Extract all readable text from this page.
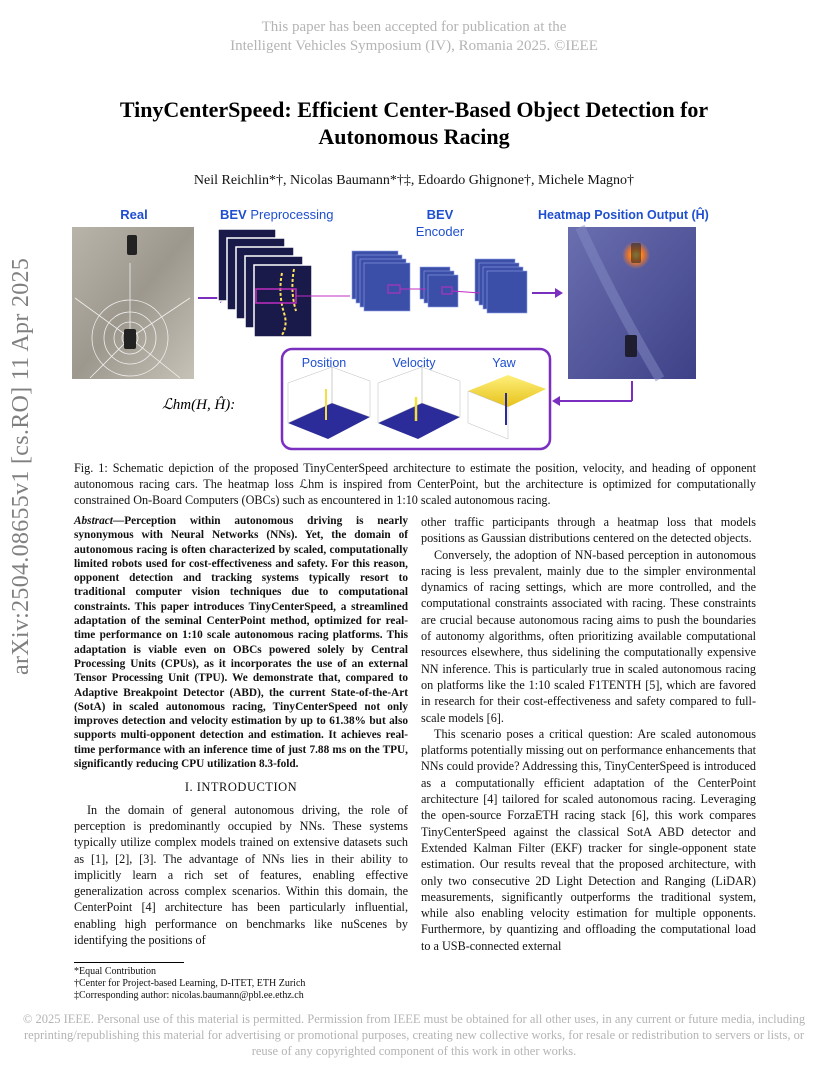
This paper has been accepted for publication at the
Intelligent Vehicles Symposium (IV), Romania 2025. ©IEEE
TinyCenterSpeed: Efficient Center-Based Object Detection for Autonomous Racing
Neil Reichlin*†, Nicolas Baumann*†‡, Edoardo Ghignone†, Michele Magno†
arXiv:2504.08655v1 [cs.RO] 11 Apr 2025
Real	BEV Preprocessing	BEV
Encoder
Heatmap Position Output (Ĥ)
Position	Velocity	Yaw
ℒhm(H, Ĥ):
Fig. 1: Schematic depiction of the proposed TinyCenterSpeed architecture to estimate the position, velocity, and heading of opponent autonomous racing cars. The heatmap loss ℒhm is inspired from CenterPoint, but the architecture is optimized for computationally constrained On-Board Computers (OBCs) such as encountered in 1:10 scaled autonomous racing.
Abstract—Perception within autonomous driving is nearly synonymous with Neural Networks (NNs). Yet, the domain of autonomous racing is often characterized by scaled, computationally limited robots used for cost-effectiveness and safety. For this reason, opponent detection and tracking systems typically resort to traditional computer vision techniques due to computational constraints. This paper introduces TinyCenterSpeed, a streamlined adaptation of the seminal CenterPoint method, optimized for real-time performance on 1:10 scale autonomous racing platforms. This adaptation is viable even on OBCs powered solely by Central Processing Units (CPUs), as it incorporates the use of an external Tensor Processing Unit (TPU). We demonstrate that, compared to Adaptive Breakpoint Detector (ABD), the current State-of-the-Art (SotA) in scaled autonomous racing, TinyCenterSpeed not only improves detection and velocity estimation by up to 61.38% but also supports multi-opponent detection and estimation. It achieves real-time performance with an inference time of just 7.88 ms on the TPU, significantly reducing CPU utilization 8.3-fold.
I. INTRODUCTION
In the domain of general autonomous driving, the role of perception is predominantly occupied by NNs. These systems typically utilize complex models trained on extensive datasets such as [1], [2], [3]. The advantage of NNs lies in their ability to implicitly learn a rich set of features, enabling effective generalization across complex scenarios. Within this domain, the CenterPoint [4] architecture has been particularly influential, enabling high performance on benchmarks like nuScenes by identifying the positions of
*Equal Contribution
†Center for Project-based Learning, D-ITET, ETH Zurich
‡Corresponding author: nicolas.baumann@pbl.ee.ethz.ch
other traffic participants through a heatmap loss that models positions as Gaussian distributions centered on the detected objects.
Conversely, the adoption of NN-based perception in autonomous racing is less prevalent, mainly due to the simpler environmental dynamics of racing settings, which are more controlled, and the computational constraints associated with racing. These constraints are crucial because autonomous racing aims to push the boundaries of autonomy algorithms, often prioritizing available computational resources elsewhere, thus sidelining the computationally expensive NN inference. This is particularly true in scaled autonomous racing on platforms like the 1:10 scaled F1TENTH [5], which are favored in research for their cost-effectiveness and safety compared to full-scale models [6].
This scenario poses a critical question: Are scaled autonomous platforms potentially missing out on performance enhancements that NNs could provide? Addressing this, TinyCenterSpeed is introduced as a computationally efficient adaptation of the CenterPoint architecture [4] tailored for scaled autonomous racing. Leveraging the open-source ForzaETH racing stack [6], this work compares TinyCenterSpeed against the classical SotA ABD detector and Extended Kalman Filter (EKF) tracker for single-opponent state estimation. Our results reveal that the proposed architecture, with only two consecutive 2D Light Detection and Ranging (LiDAR) measurements, significantly outperforms the traditional system, while also enabling velocity estimation for multiple opponents. Furthermore, by quantizing and offloading the computational load to a USB-connected external
© 2025 IEEE. Personal use of this material is permitted. Permission from IEEE must be obtained for all other uses, in any current or future media, including reprinting/republishing this material for advertising or promotional purposes, creating new collective works, for resale or redistribution to servers or lists, or reuse of any copyrighted component of this work in other works.
